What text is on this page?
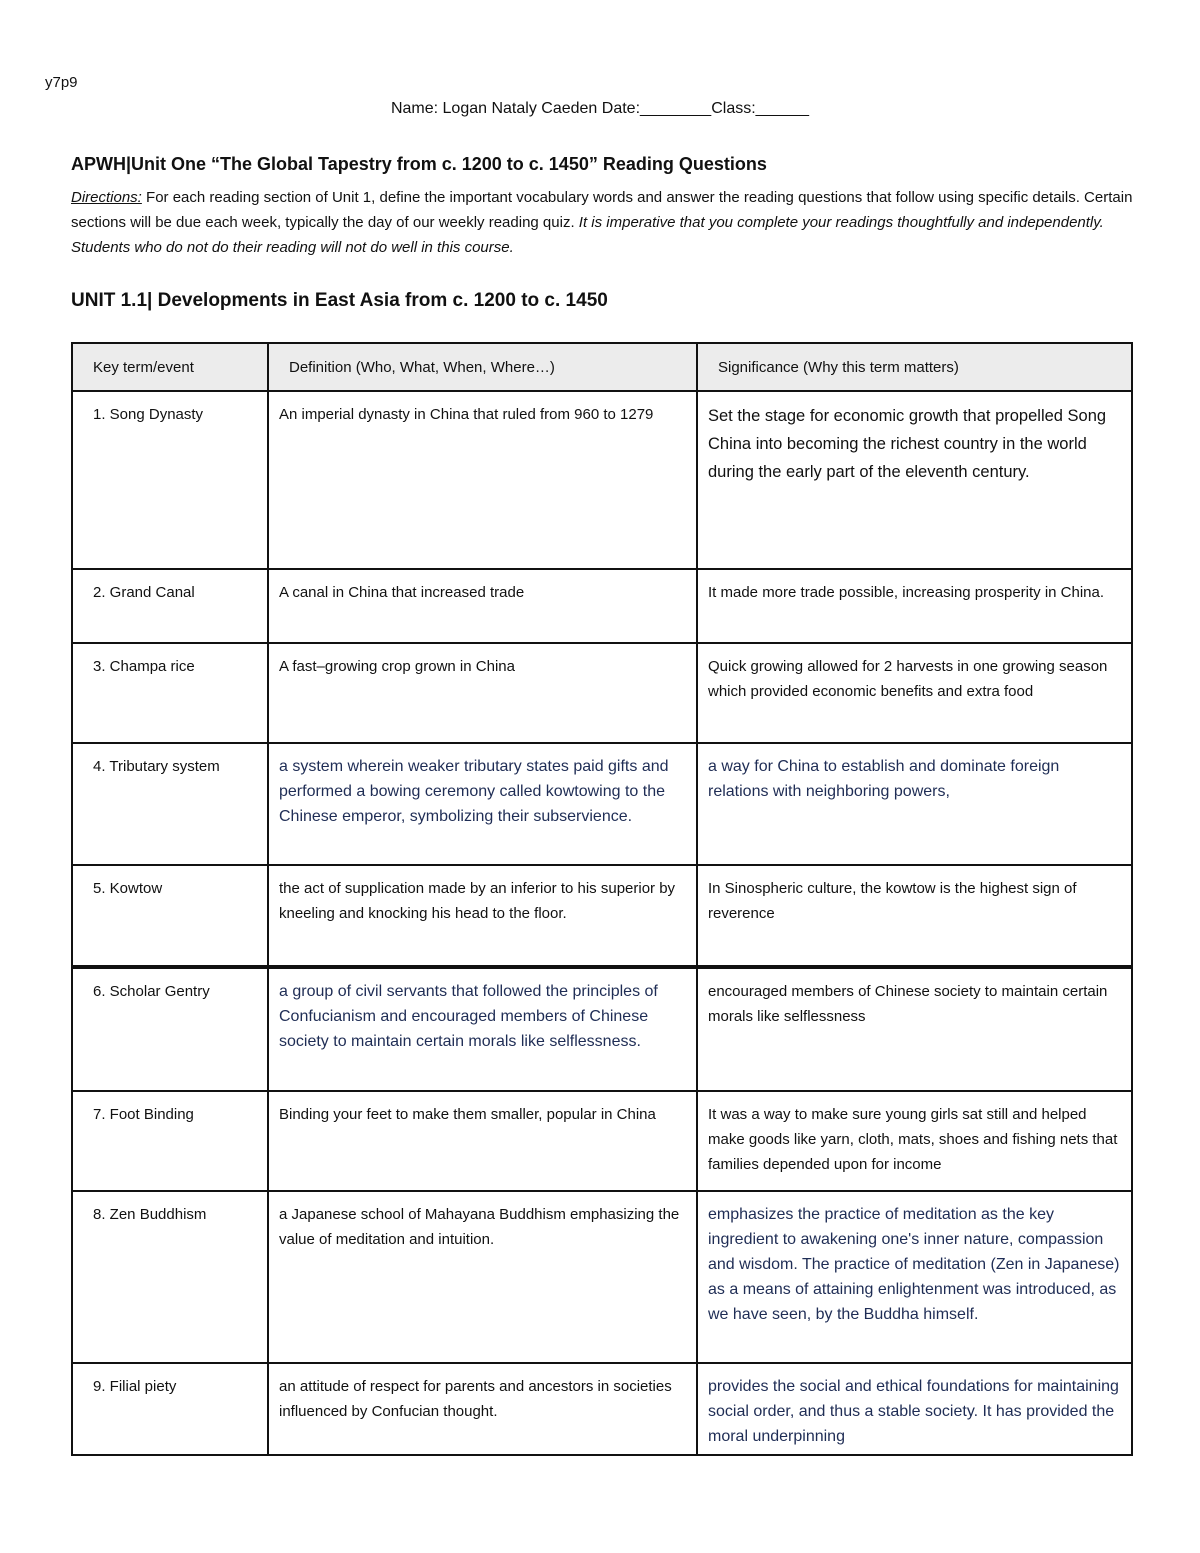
y7p9
Name: Logan Nataly Caeden Date:________Class:______
APWH|Unit One “The Global Tapestry from c. 1200 to c. 1450” Reading Questions
Directions: For each reading section of Unit 1, define the important vocabulary words and answer the reading questions that follow using specific details. Certain sections will be due each week, typically the day of our weekly reading quiz. It is imperative that you complete your readings thoughtfully and independently. Students who do not do their reading will not do well in this course.
UNIT 1.1| Developments in East Asia from c. 1200 to c. 1450
Key term/event	Definition (Who, What, When, Where…)	Significance (Why this term matters)
1. Song Dynasty	An imperial dynasty in China that ruled from 960 to 1279	Set the stage for economic growth that propelled Song China into becoming the richest country in the world during the early part of the eleventh century.
2. Grand Canal	A canal in China that increased trade	It made more trade possible, increasing prosperity in China.
3. Champa rice	A fast–growing crop grown in China	Quick growing allowed for 2 harvests in one growing season which provided economic benefits and extra food
4. Tributary system	a system wherein weaker tributary states paid gifts and performed a bowing ceremony called kowtowing to the Chinese emperor, symbolizing their subservience.	a way for China to establish and dominate foreign relations with neighboring powers,
5. Kowtow	the act of supplication made by an inferior to his superior by kneeling and knocking his head to the floor.	In Sinospheric culture, the kowtow is the highest sign of reverence
6. Scholar Gentry	a group of civil servants that followed the principles of Confucianism and encouraged members of Chinese society to maintain certain morals like selflessness.	encouraged members of Chinese society to maintain certain morals like selflessness
7. Foot Binding	Binding your feet to make them smaller, popular in China	It was a way to make sure young girls sat still and helped make goods like yarn, cloth, mats, shoes and fishing nets that families depended upon for income
8. Zen Buddhism	a Japanese school of Mahayana Buddhism emphasizing the value of meditation and intuition.	emphasizes the practice of meditation as the key ingredient to awakening one's inner nature, compassion and wisdom. The practice of meditation (Zen in Japanese) as a means of attaining enlightenment was introduced, as we have seen, by the Buddha himself.
9. Filial piety	an attitude of respect for parents and ancestors in societies influenced by Confucian thought.	provides the social and ethical foundations for maintaining social order, and thus a stable society. It has provided the moral underpinning
